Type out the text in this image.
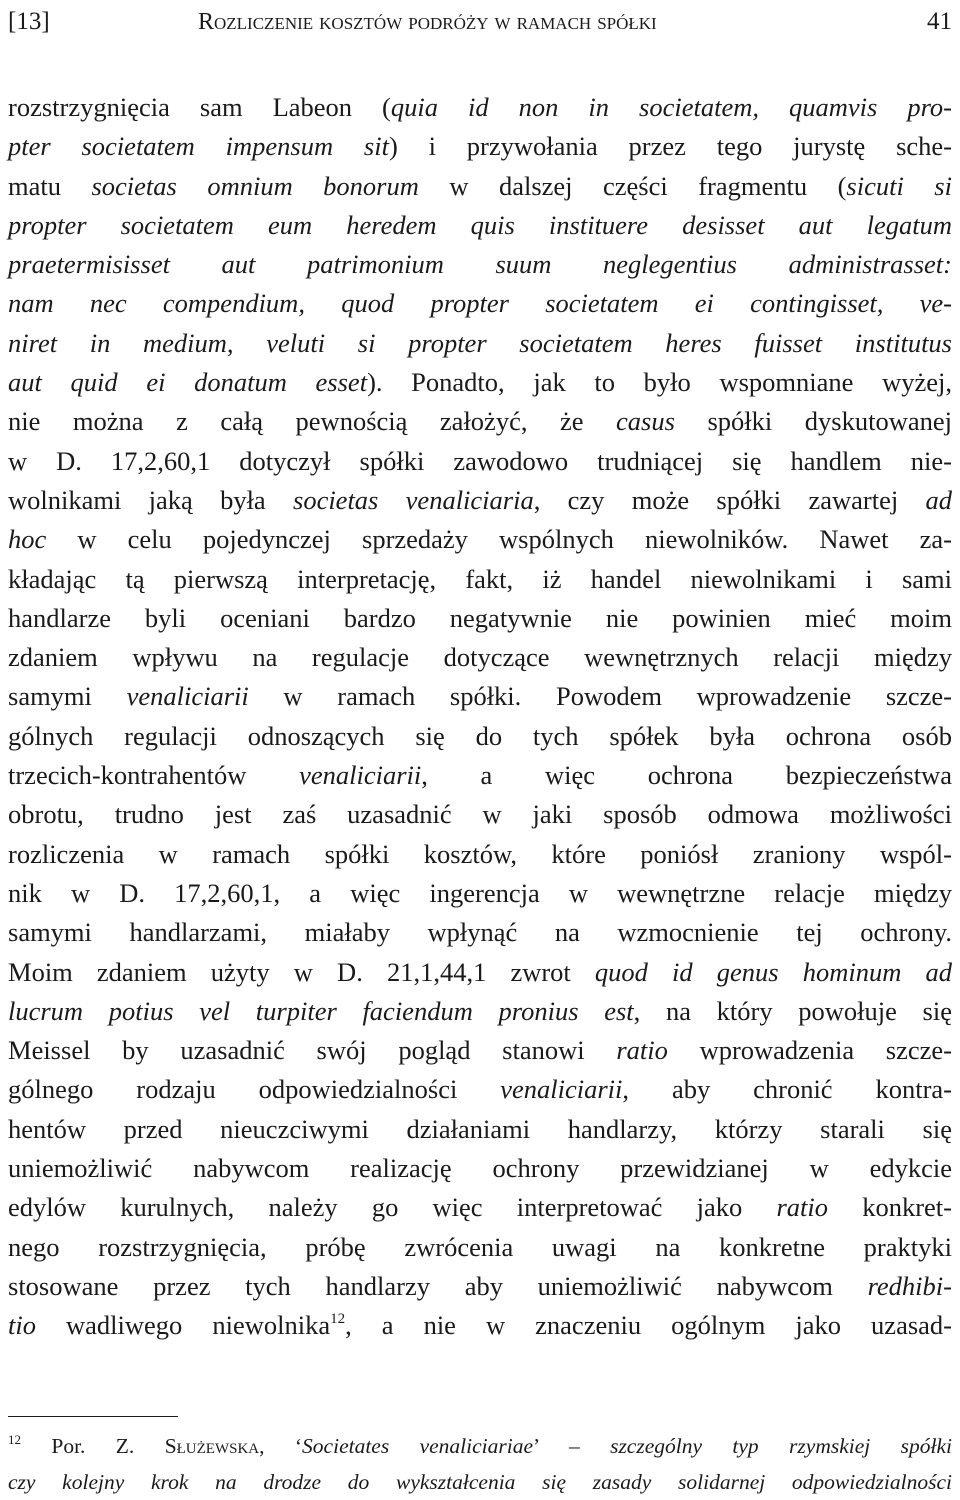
[13]	Rozliczenie kosztów podróży w ramach spółki	41
rozstrzygnięcia sam Labeon (quia id non in societatem, quamvis pro-
pter societatem impensum sit) i przywołania przez tego jurystę sche-
matu societas omnium bonorum w dalszej części fragmentu (sicuti si
propter societatem eum heredem quis instituere desisset aut legatum
praetermisisset aut patrimonium suum neglegentius administrasset:
nam nec compendium, quod propter societatem ei contingisset, ve-
niret in medium, veluti si propter societatem heres fuisset institutus
aut quid ei donatum esset). Ponadto, jak to było wspomniane wyżej,
nie można z całą pewnością założyć, że casus spółki dyskutowanej
w D. 17,2,60,1 dotyczył spółki zawodowo trudniącej się handlem nie-
wolnikami jaką była societas venaliciaria, czy może spółki zawartej ad
hoc w celu pojedynczej sprzedaży wspólnych niewolników. Nawet za-
kładając tą pierwszą interpretację, fakt, iż handel niewolnikami i sami
handlarze byli oceniani bardzo negatywnie nie powinien mieć moim
zdaniem wpływu na regulacje dotyczące wewnętrznych relacji między
samymi venaliciarii w ramach spółki. Powodem wprowadzenie szcze-
gólnych regulacji odnoszących się do tych spółek była ochrona osób
trzecich-kontrahentów venaliciarii, a więc ochrona bezpieczeństwa
obrotu, trudno jest zaś uzasadnić w jaki sposób odmowa możliwości
rozliczenia w ramach spółki kosztów, które poniósł zraniony wspól-
nik w D. 17,2,60,1, a więc ingerencja w wewnętrzne relacje między
samymi handlarzami, miałaby wpłynąć na wzmocnienie tej ochrony.
Moim zdaniem użyty w D. 21,1,44,1 zwrot quod id genus hominum ad
lucrum potius vel turpiter faciendum pronius est, na który powołuje się
Meissel by uzasadnić swój pogląd stanowi ratio wprowadzenia szcze-
gólnego rodzaju odpowiedzialności venaliciarii, aby chronić kontra-
hentów przed nieuczciwymi działaniami handlarzy, którzy starali się
uniemożliwić nabywcom realizację ochrony przewidzianej w edykcie
edylów kurulnych, należy go więc interpretować jako ratio konkret-
nego rozstrzygnięcia, próbę zwrócenia uwagi na konkretne praktyki
stosowane przez tych handlarzy aby uniemożliwić nabywcom redhibi-
tio wadliwego niewolnika$^{12}$, a nie w znaczeniu ogólnym jako uzasad-
$^{12}$ Por. Z. Służewska, ‘Societates venaliciariae’ – szczególny typ rzymskiej spółki
czy kolejny krok na drodze do wykształcenia się zasady solidarnej odpowiedzialności
